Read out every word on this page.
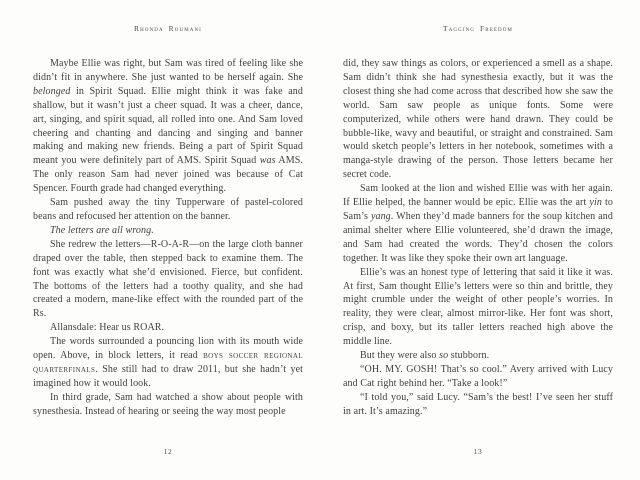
Rhonda Roumani

Maybe Ellie was right, but Sam was tired of feeling like she didn’t fit in anywhere. She just wanted to be herself again. She belonged in Spirit Squad. Ellie might think it was fake and shallow, but it wasn’t just a cheer squad. It was a cheer, dance, art, singing, and spirit squad, all rolled into one. And Sam loved cheering and chanting and dancing and singing and banner making and making new friends. Being a part of Spirit Squad meant you were definitely part of AMS. Spirit Squad was AMS. The only reason Sam had never joined was because of Cat Spencer. Fourth grade had changed everything.

Sam pushed away the tiny Tupperware of pastel-colored beans and refocused her attention on the banner.

The letters are all wrong.

She redrew the letters—R-O-A-R—on the large cloth banner draped over the table, then stepped back to examine them. The font was exactly what she’d envisioned. Fierce, but confident. The bottoms of the letters had a toothy quality, and she had created a modern, mane-like effect with the rounded part of the Rs.

Allansdale: Hear us ROAR.

The words surrounded a pouncing lion with its mouth wide open. Above, in block letters, it read boys soccer regional quarterfinals. She still had to draw 2011, but she hadn’t yet imagined how it would look.

In third grade, Sam had watched a show about people with synesthesia. Instead of hearing or seeing the way most people

12
Tagging Freedom

did, they saw things as colors, or experienced a smell as a shape. Sam didn’t think she had synesthesia exactly, but it was the closest thing she had come across that described how she saw the world. Sam saw people as unique fonts. Some were computerized, while others were hand drawn. They could be bubble-like, wavy and beautiful, or straight and constrained. Sam would sketch people’s letters in her notebook, sometimes with a manga-style drawing of the person. Those letters became her secret code.

Sam looked at the lion and wished Ellie was with her again. If Ellie helped, the banner would be epic. Ellie was the art yin to Sam’s yang. When they’d made banners for the soup kitchen and animal shelter where Ellie volunteered, she’d drawn the image, and Sam had created the words. They’d chosen the colors together. It was like they spoke their own art language.

Ellie’s was an honest type of lettering that said it like it was. At first, Sam thought Ellie’s letters were so thin and brittle, they might crumble under the weight of other people’s worries. In reality, they were clear, almost mirror-like. Her font was short, crisp, and boxy, but its taller letters reached high above the middle line.

But they were also so stubborn.

“OH. MY. GOSH! That’s so cool.” Avery arrived with Lucy and Cat right behind her. “Take a look!”

“I told you,” said Lucy. “Sam’s the best! I’ve seen her stuff in art. It’s amazing.”

13
